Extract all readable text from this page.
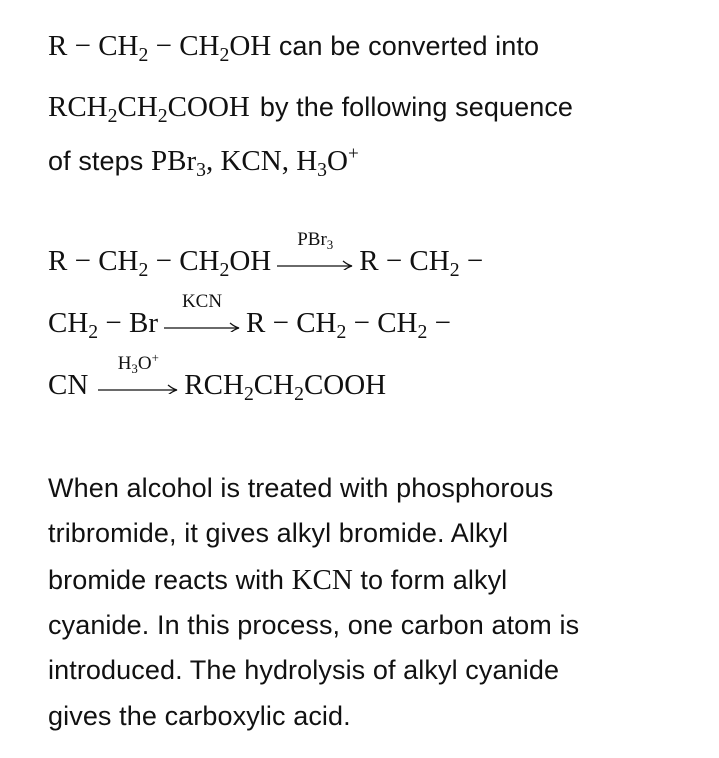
$R - CH_2 - CH_2OH$ can be converted into
$RCH_2CH_2COOH$ by the following sequence
of steps PBr$_3$, KCN, $H_3O^+$
$R - CH_2 - CH_2OH$
PBr$_3$
$R - CH_2$ −
$CH_2 - Br$
KCN
$R - CH_2 - CH_2$ −
CN
$H_3O^+$
$RCH_2CH_2COOH$
When alcohol is treated with phosphorous
tribromide, it gives alkyl bromide. Alkyl
bromide reacts with KCN to form alkyl
cyanide. In this process, one carbon atom is
introduced. The hydrolysis of alkyl cyanide
gives the carboxylic acid.
